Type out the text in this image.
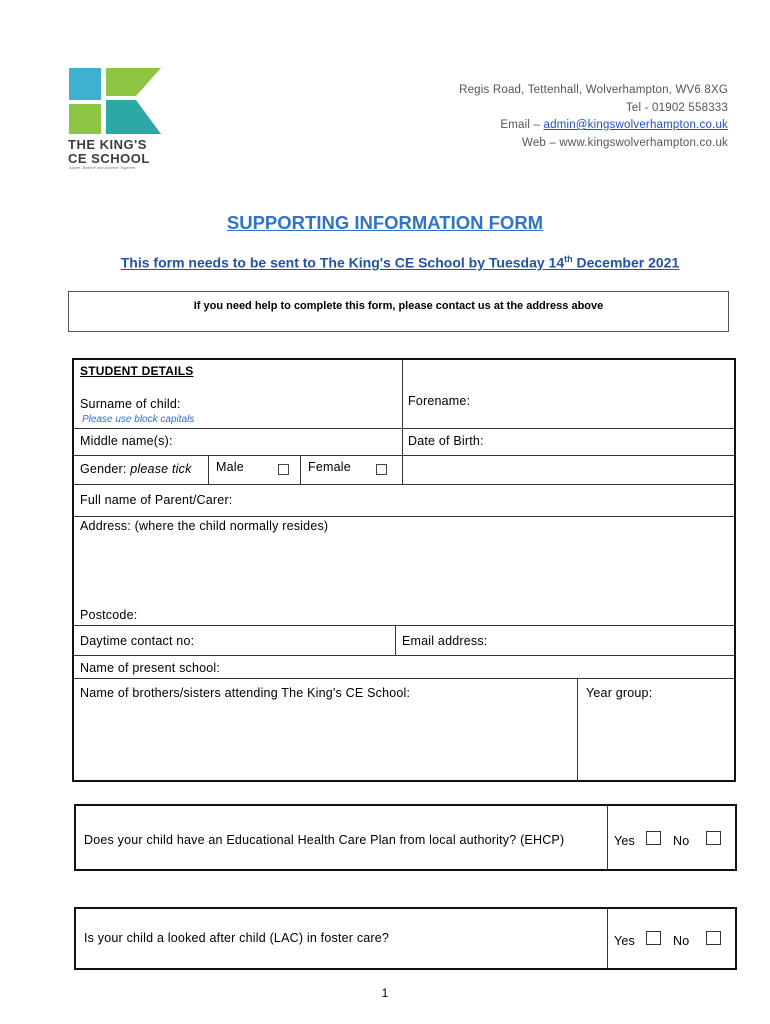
THE KING'S
CE SCHOOL
Aspire, Believe and Achieve Together
Regis Road, Tettenhall, Wolverhampton, WV6 8XG
Tel - 01902 558333
Email – admin@kingswolverhampton.co.uk
Web – www.kingswolverhampton.co.uk
SUPPORTING INFORMATION FORM
This form needs to be sent to The King's CE School by Tuesday 14th December 2021
If you need help to complete this form, please contact us at the address above
STUDENT DETAILS
Surname of child:
Please use block capitals
Forename:
Middle name(s):	Date of Birth:
Gender: please tick Male	Female
Full name of Parent/Carer:
Address: (where the child normally resides)
Postcode:
Daytime contact no:	Email address:
Name of present school:
Name of brothers/sisters attending The King's CE School:	Year group:
Does your child have an Educational Health Care Plan from local authority? (EHCP)	Yes	No
Is your child a looked after child (LAC) in foster care?	Yes	No
1
